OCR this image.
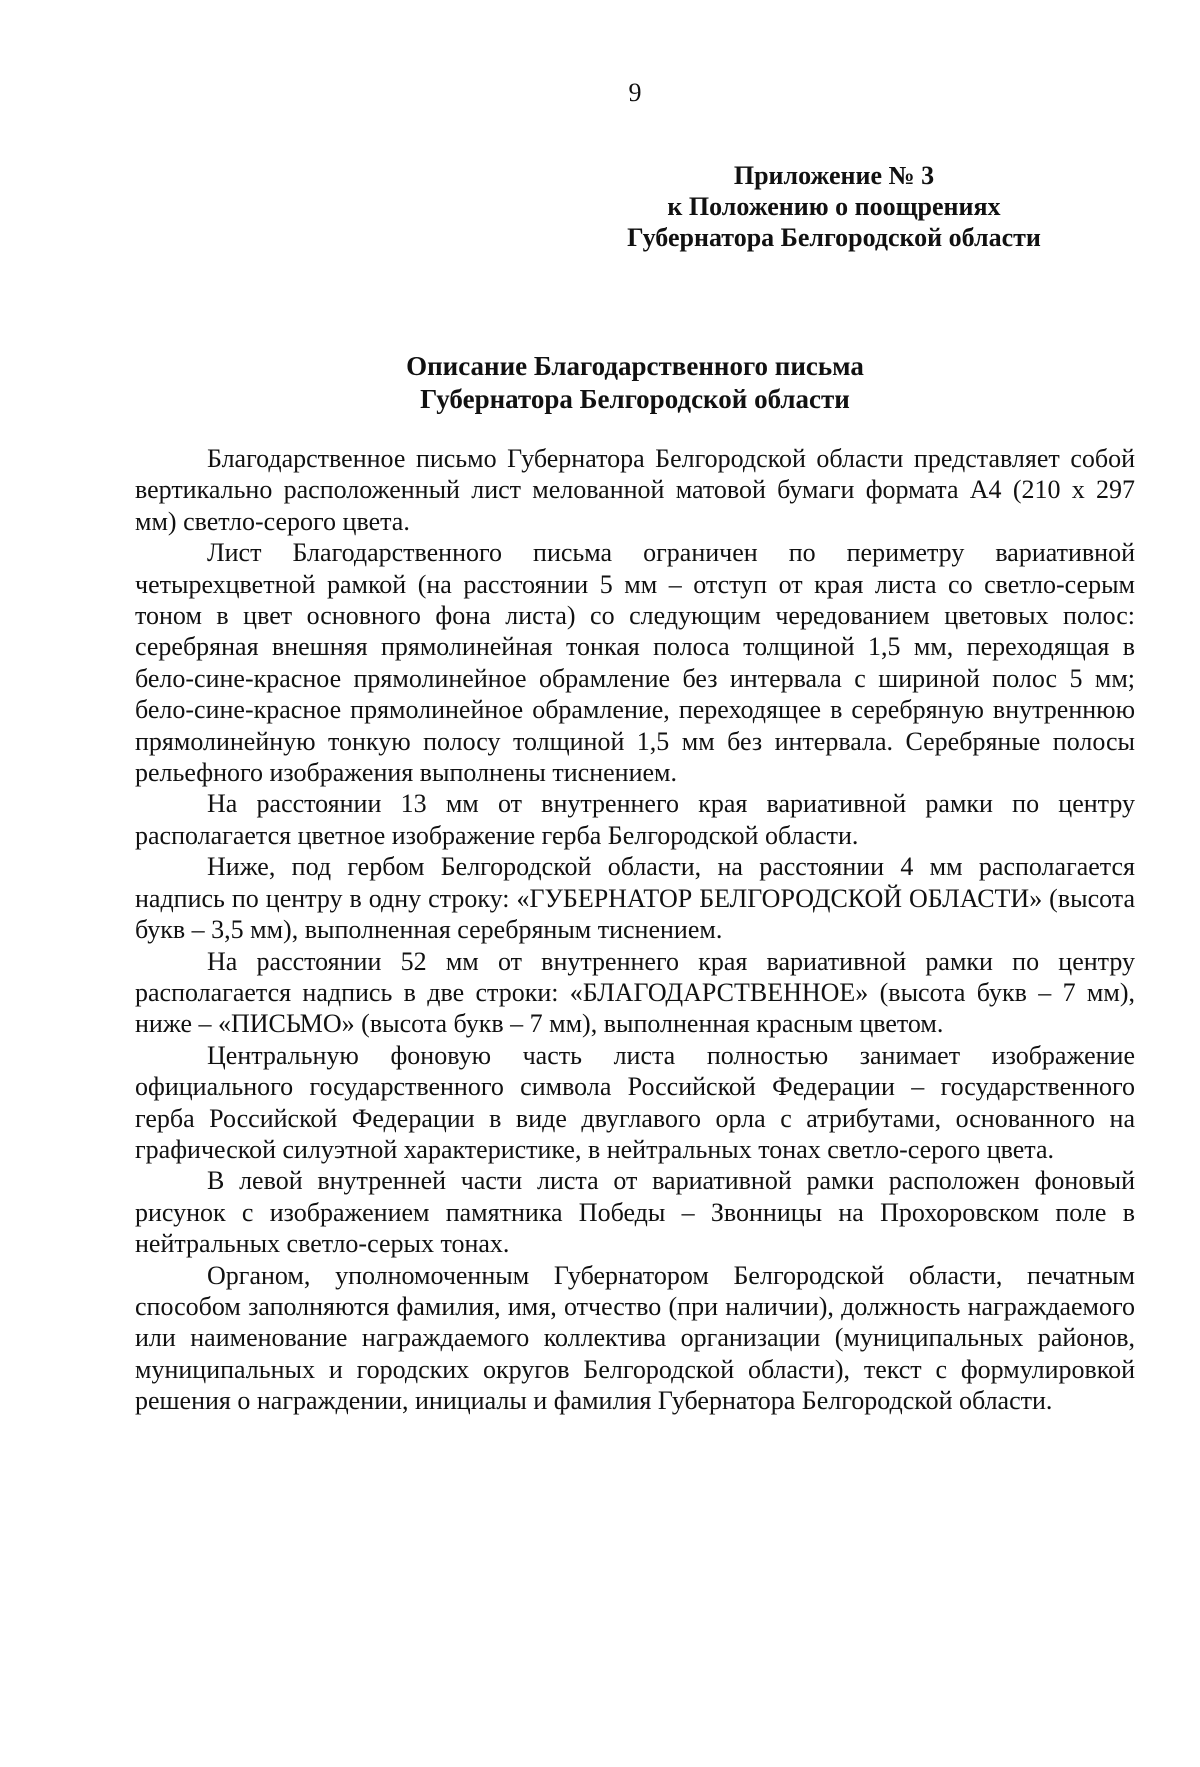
9
Приложение № 3
к Положению о поощрениях
Губернатора Белгородской области
Описание Благодарственного письма
Губернатора Белгородской области

Благодарственное письмо Губернатора Белгородской области представляет собой вертикально расположенный лист мелованной матовой бумаги формата А4 (210 х 297 мм) светло-серого цвета.

Лист Благодарственного письма ограничен по периметру вариативной четырехцветной рамкой (на расстоянии 5 мм – отступ от края листа со светло-серым тоном в цвет основного фона листа) со следующим чередованием цветовых полос: серебряная внешняя прямолинейная тонкая полоса толщиной 1,5 мм, переходящая в бело-сине-красное прямолинейное обрамление без интервала с шириной полос 5 мм; бело-сине-красное прямолинейное обрамление, переходящее в серебряную внутреннюю прямолинейную тонкую полосу толщиной 1,5 мм без интервала. Серебряные полосы рельефного изображения выполнены тиснением.

На расстоянии 13 мм от внутреннего края вариативной рамки по центру располагается цветное изображение герба Белгородской области.

Ниже, под гербом Белгородской области, на расстоянии 4 мм располагается надпись по центру в одну строку: «ГУБЕРНАТОР БЕЛГОРОДСКОЙ ОБЛАСТИ» (высота букв – 3,5 мм), выполненная серебряным тиснением.

На расстоянии 52 мм от внутреннего края вариативной рамки по центру располагается надпись в две строки: «БЛАГОДАРСТВЕННОЕ» (высота букв – 7 мм), ниже – «ПИСЬМО» (высота букв – 7 мм), выполненная красным цветом.

Центральную фоновую часть листа полностью занимает изображение официального государственного символа Российской Федерации – государственного герба Российской Федерации в виде двуглавого орла с атрибутами, основанного на графической силуэтной характеристике, в нейтральных тонах светло-серого цвета.

В левой внутренней части листа от вариативной рамки расположен фоновый рисунок с изображением памятника Победы – Звонницы на Прохоровском поле в нейтральных светло-серых тонах.

Органом, уполномоченным Губернатором Белгородской области, печатным способом заполняются фамилия, имя, отчество (при наличии), должность награждаемого или наименование награждаемого коллектива организации (муниципальных районов, муниципальных и городских округов Белгородской области), текст с формулировкой решения о награждении, инициалы и фамилия Губернатора Белгородской области.
